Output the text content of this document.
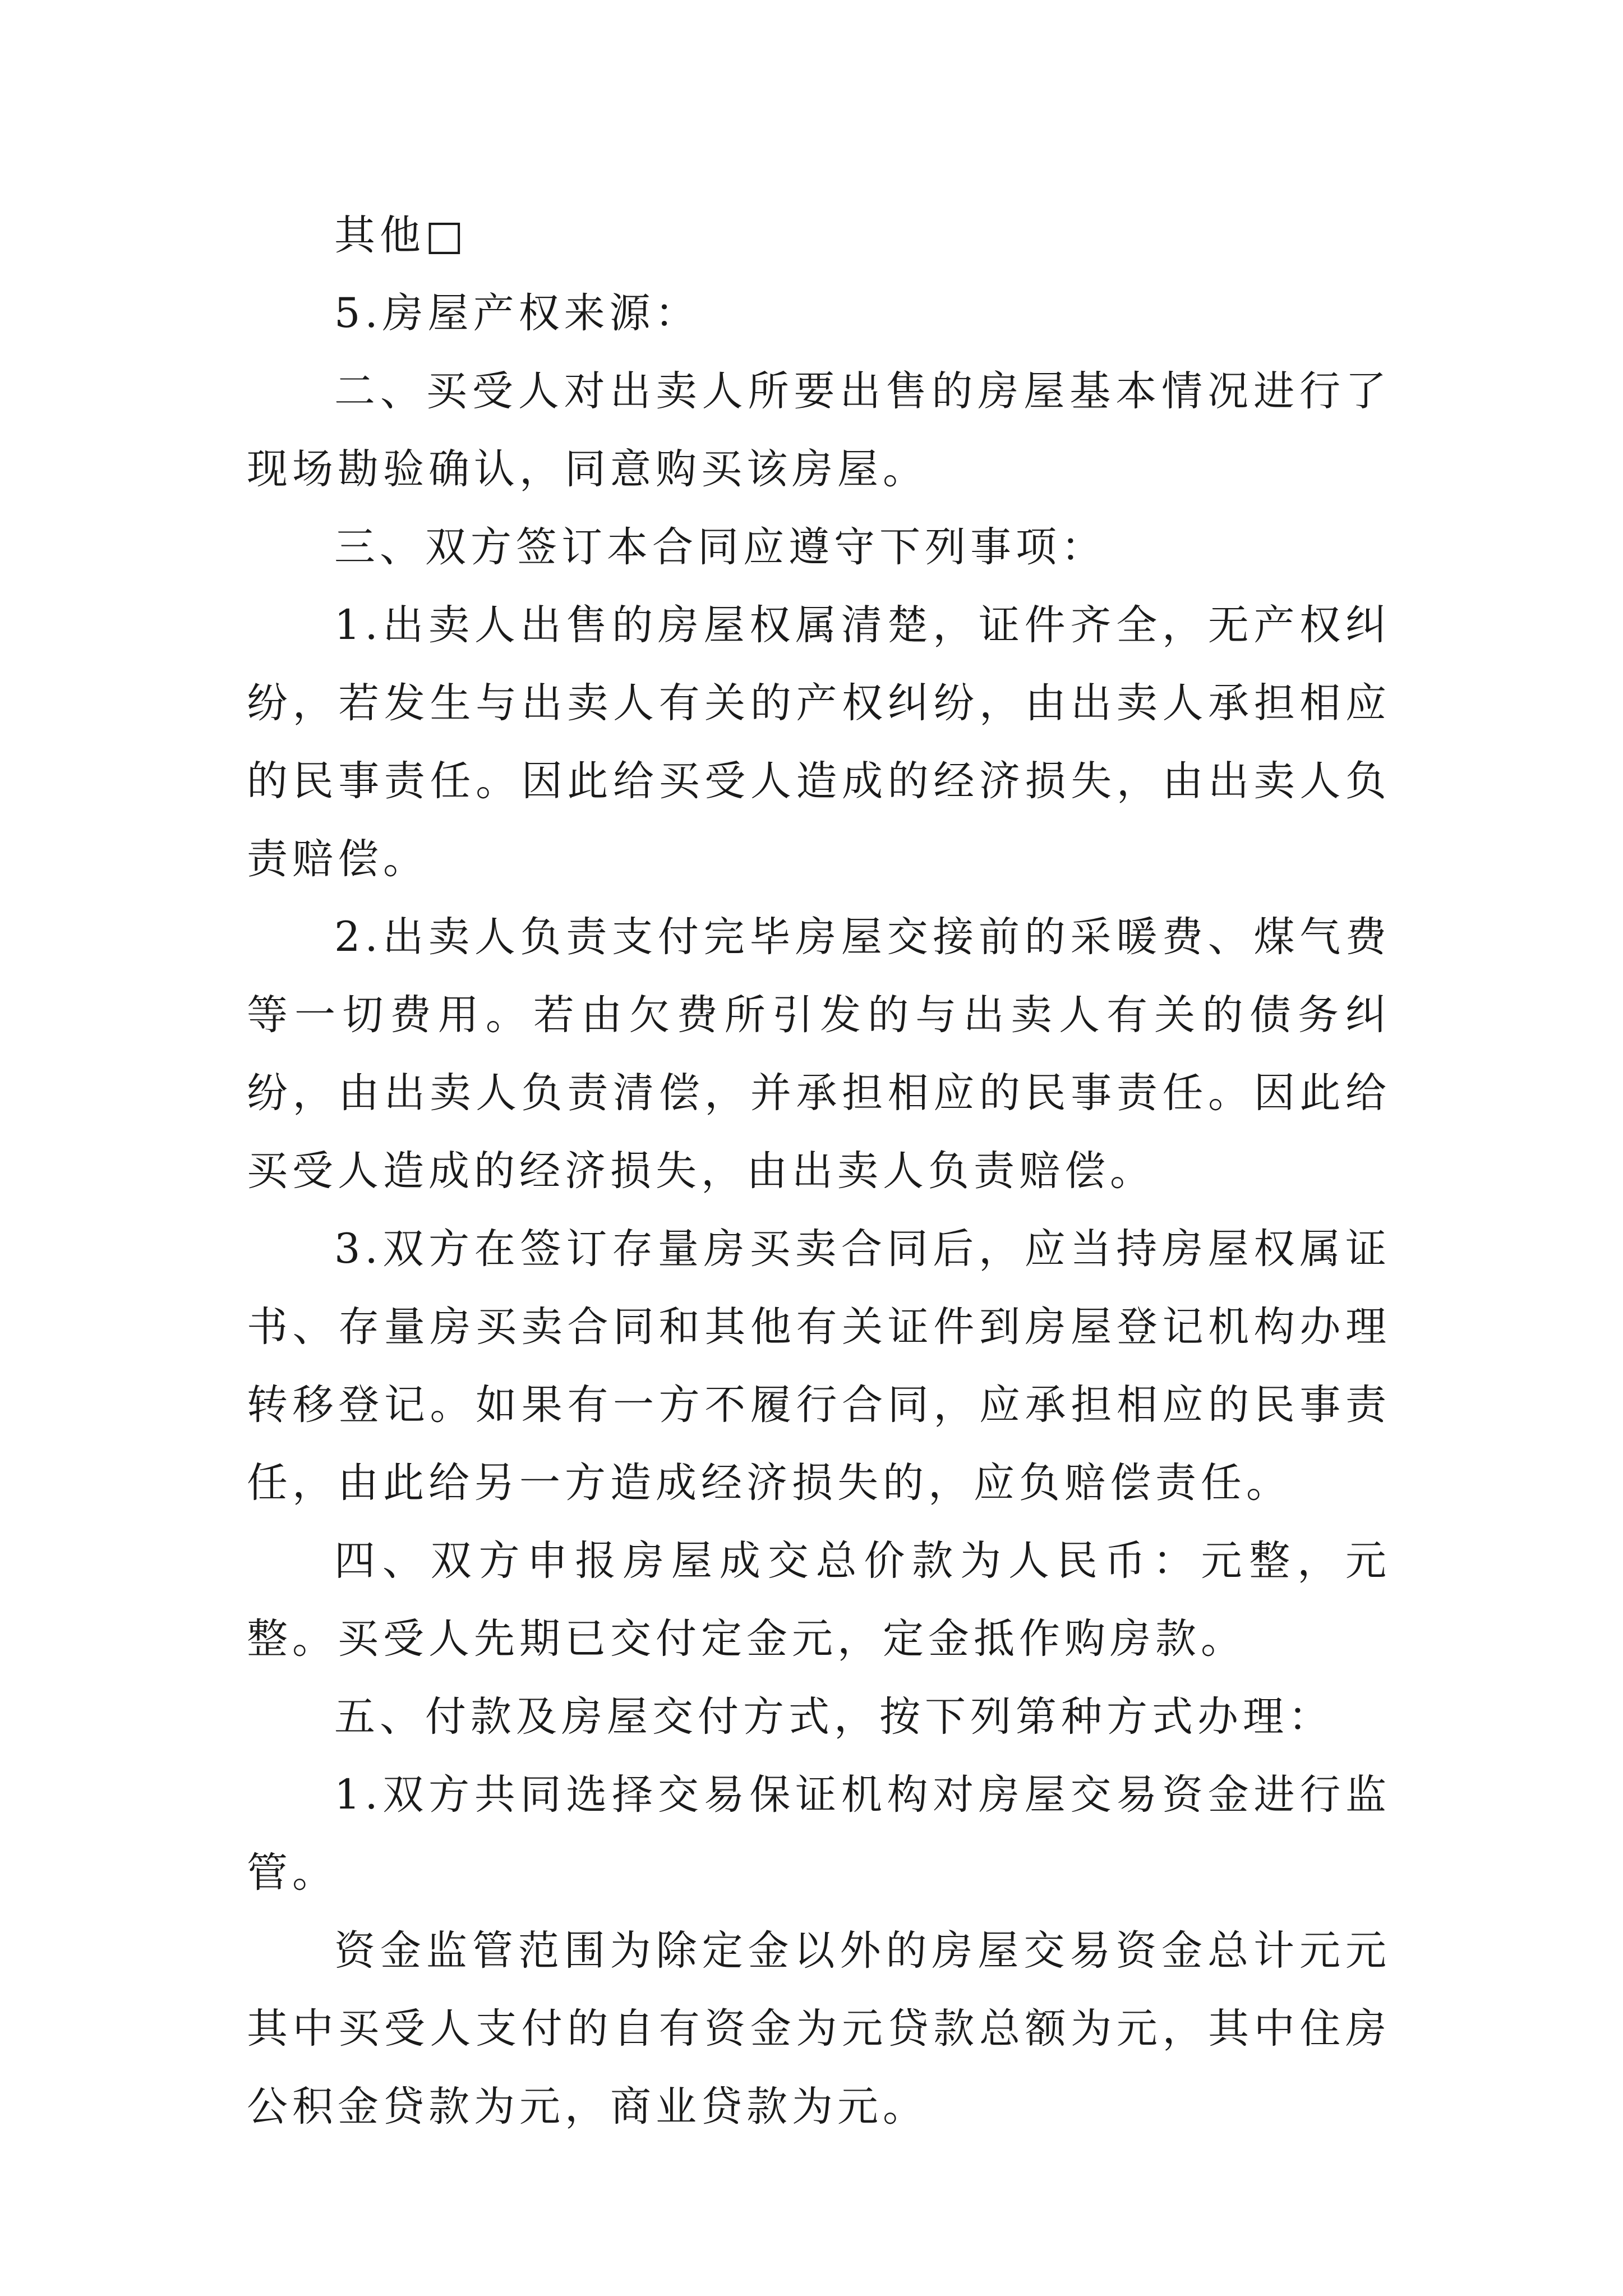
其他□

5.房屋产权来源：

二、买受人对出卖人所要出售的房屋基本情况进行了现场勘验确认，同意购买该房屋。

三、双方签订本合同应遵守下列事项：

1.出卖人出售的房屋权属清楚，证件齐全，无产权纠纷，若发生与出卖人有关的产权纠纷，由出卖人承担相应的民事责任。因此给买受人造成的经济损失，由出卖人负责赔偿。

2.出卖人负责支付完毕房屋交接前的采暖费、煤气费等一切费用。若由欠费所引发的与出卖人有关的债务纠纷，由出卖人负责清偿，并承担相应的民事责任。因此给买受人造成的经济损失，由出卖人负责赔偿。

3.双方在签订存量房买卖合同后，应当持房屋权属证书、存量房买卖合同和其他有关证件到房屋登记机构办理转移登记。如果有一方不履行合同，应承担相应的民事责任，由此给另一方造成经济损失的，应负赔偿责任。

四、双方申报房屋成交总价款为人民币：元整，元整。买受人先期已交付定金元，定金抵作购房款。

五、付款及房屋交付方式，按下列第种方式办理：

1.双方共同选择交易保证机构对房屋交易资金进行监管。

资金监管范围为除定金以外的房屋交易资金总计元元其中买受人支付的自有资金为元贷款总额为元，其中住房公积金贷款为元，商业贷款为元。
